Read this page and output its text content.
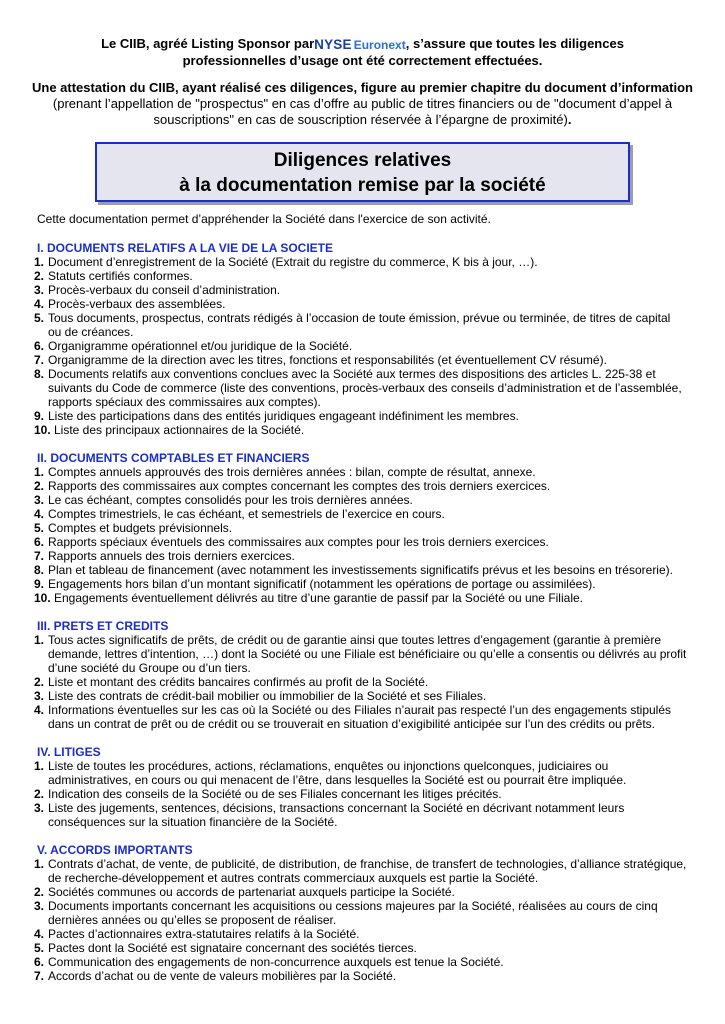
Le CIIB, agréé Listing Sponsor parNYSE Euronext, s’assure que toutes les diligences
professionnelles d’usage ont été correctement effectuées.
Une attestation du CIIB, ayant réalisé ces diligences, figure au premier chapitre du document d’information (prenant l’appellation de "prospectus" en cas d’offre au public de titres financiers ou de "document d’appel à souscriptions" en cas de souscription réservée à l’épargne de proximité).
Diligences relatives
à la documentation remise par la société
Cette documentation permet d’appréhender la Société dans l'exercice de son activité.
I. DOCUMENTS RELATIFS A LA VIE DE LA SOCIETE
1. Document d’enregistrement de la Société (Extrait du registre du commerce, K bis à jour, …).
2. Statuts certifiés conformes.
3. Procès-verbaux du conseil d’administration.
4. Procès-verbaux des assemblées.
5. Tous documents, prospectus, contrats rédigés à l’occasion de toute émission, prévue ou terminée, de titres de capital ou de créances.
6. Organigramme opérationnel et/ou juridique de la Société.
7. Organigramme de la direction avec les titres, fonctions et responsabilités (et éventuellement CV résumé).
8. Documents relatifs aux conventions conclues avec la Société aux termes des dispositions des articles L. 225-38 et suivants du Code de commerce (liste des conventions, procès-verbaux des conseils d’administration et de l’assemblée, rapports spéciaux des commissaires aux comptes).
9. Liste des participations dans des entités juridiques engageant indéfiniment les membres.
10. Liste des principaux actionnaires de la Société.
II. DOCUMENTS COMPTABLES ET FINANCIERS
1. Comptes annuels approuvés des trois dernières années : bilan, compte de résultat, annexe.
2. Rapports des commissaires aux comptes concernant les comptes des trois derniers exercices.
3. Le cas échéant, comptes consolidés pour les trois dernières années.
4. Comptes trimestriels, le cas échéant, et semestriels de l’exercice en cours.
5. Comptes et budgets prévisionnels.
6. Rapports spéciaux éventuels des commissaires aux comptes pour les trois derniers exercices.
7. Rapports annuels des trois derniers exercices.
8. Plan et tableau de financement (avec notamment les investissements significatifs prévus et les besoins en trésorerie).
9. Engagements hors bilan d’un montant significatif (notamment les opérations de portage ou assimilées).
10. Engagements éventuellement délivrés au titre d’une garantie de passif par la Société ou une Filiale.
III. PRETS ET CREDITS
1. Tous actes significatifs de prêts, de crédit ou de garantie ainsi que toutes lettres d’engagement (garantie à première demande, lettres d’intention, …) dont la Société ou une Filiale est bénéficiaire ou qu’elle a consentis ou délivrés au profit d’une société du Groupe ou d’un tiers.
2. Liste et montant des crédits bancaires confirmés au profit de la Société.
3. Liste des contrats de crédit-bail mobilier ou immobilier de la Société et ses Filiales.
4. Informations éventuelles sur les cas où la Société ou des Filiales n’aurait pas respecté l’un des engagements stipulés dans un contrat de prêt ou de crédit ou se trouverait en situation d’exigibilité anticipée sur l’un des crédits ou prêts.
IV. LITIGES
1. Liste de toutes les procédures, actions, réclamations, enquêtes ou injonctions quelconques, judiciaires ou administratives, en cours ou qui menacent de l’être, dans lesquelles la Société est ou pourrait être impliquée.
2. Indication des conseils de la Société ou de ses Filiales concernant les litiges précités.
3. Liste des jugements, sentences, décisions, transactions concernant la Société en décrivant notamment leurs conséquences sur la situation financière de la Société.
V. ACCORDS IMPORTANTS
1. Contrats d’achat, de vente, de publicité, de distribution, de franchise, de transfert de technologies, d’alliance stratégique, de recherche-développement et autres contrats commerciaux auxquels est partie la Société.
2. Sociétés communes ou accords de partenariat auxquels participe la Société.
3. Documents importants concernant les acquisitions ou cessions majeures par la Société, réalisées au cours de cinq dernières années ou qu’elles se proposent de réaliser.
4. Pactes d’actionnaires extra-statutaires relatifs à la Société.
5. Pactes dont la Société est signataire concernant des sociétés tierces.
6. Communication des engagements de non-concurrence auxquels est tenue la Société.
7. Accords d’achat ou de vente de valeurs mobilières par la Société.
